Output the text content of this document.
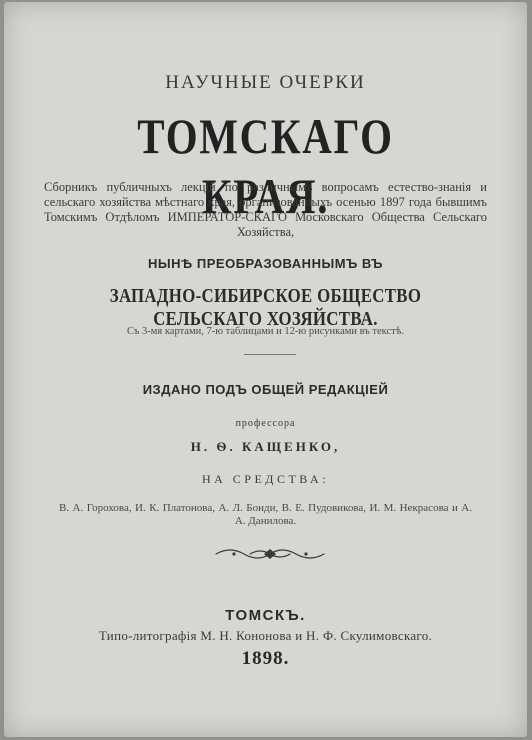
НАУЧНЫЕ ОЧЕРКИ
ТОМСКАГО КРАЯ.
Сборникъ публичныхъ лекцій по различнымъ вопросамъ естество-знанія и сельскаго хозяйства мѣстнаго края, организованныхъ осенью 1897 года бывшимъ Томскимъ Отдѣломъ ИМПЕРАТОР-СКАГО Московскаго Общества Сельскаго Хозяйства,
НЫНѢ ПРЕОБРАЗОВАННЫМЪ ВЪ
ЗАПАДНО-СИБИРСКОЕ ОБЩЕСТВО СЕЛЬСКАГО ХОЗЯЙСТВА.
Съ 3-мя картами, 7-ю таблицами и 12-ю рисунками въ текстѣ.
ИЗДАНО ПОДЪ ОБЩЕЙ РЕДАКЦІЕЙ
профессора
Н. Ѳ. КАЩЕНКО,
НА СРЕДСТВА:
В. А. Горохова, И. К. Платонова, А. Л. Бонди, В. Е. Пудовикова, И. М. Некрасова и А. А. Данилова.
ТОМСКЪ.
Типо-литографія М. Н. Кононова и Н. Ф. Скулимовскаго.
1898.
